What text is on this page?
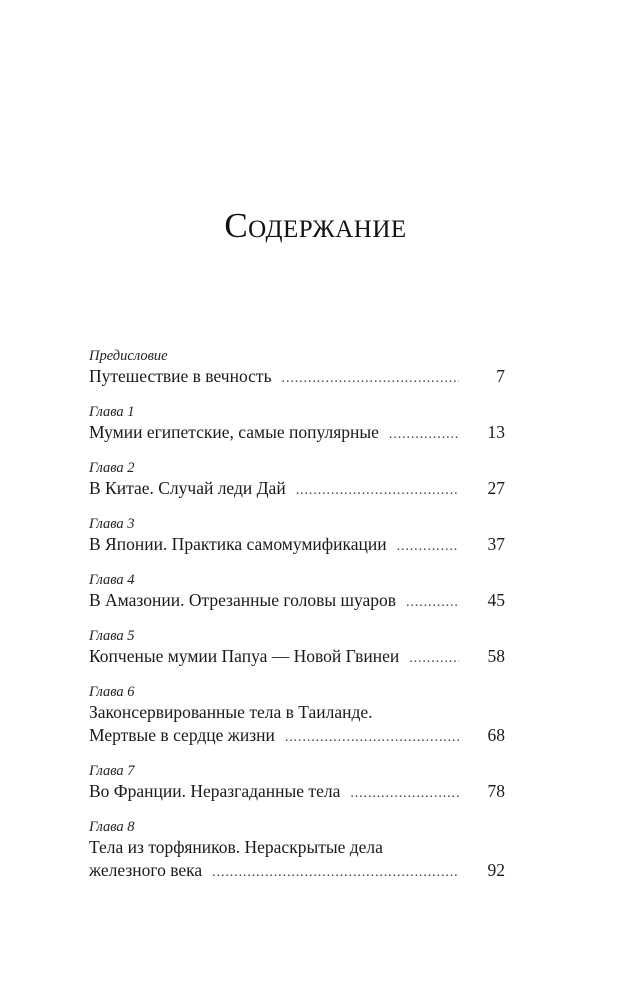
Содержание
Предисловие
Путешествие в вечность . . .	7
Глава 1
Мумии египетские, самые популярные . . .	13
Глава 2
В Китае. Случай леди Дай . . .	27
Глава 3
В Японии. Практика самомумификации . . .	37
Глава 4
В Амазонии. Отрезанные головы шуаров . . .	45
Глава 5
Копченые мумии Папуа — Новой Гвинеи . . .	58
Глава 6
Законсервированные тела в Таиланде.
Мертвые в сердце жизни . . .	68
Глава 7
Во Франции. Неразгаданные тела . . .	78
Глава 8
Тела из торфяников. Нераскрытые дела
железного века . . .	92
